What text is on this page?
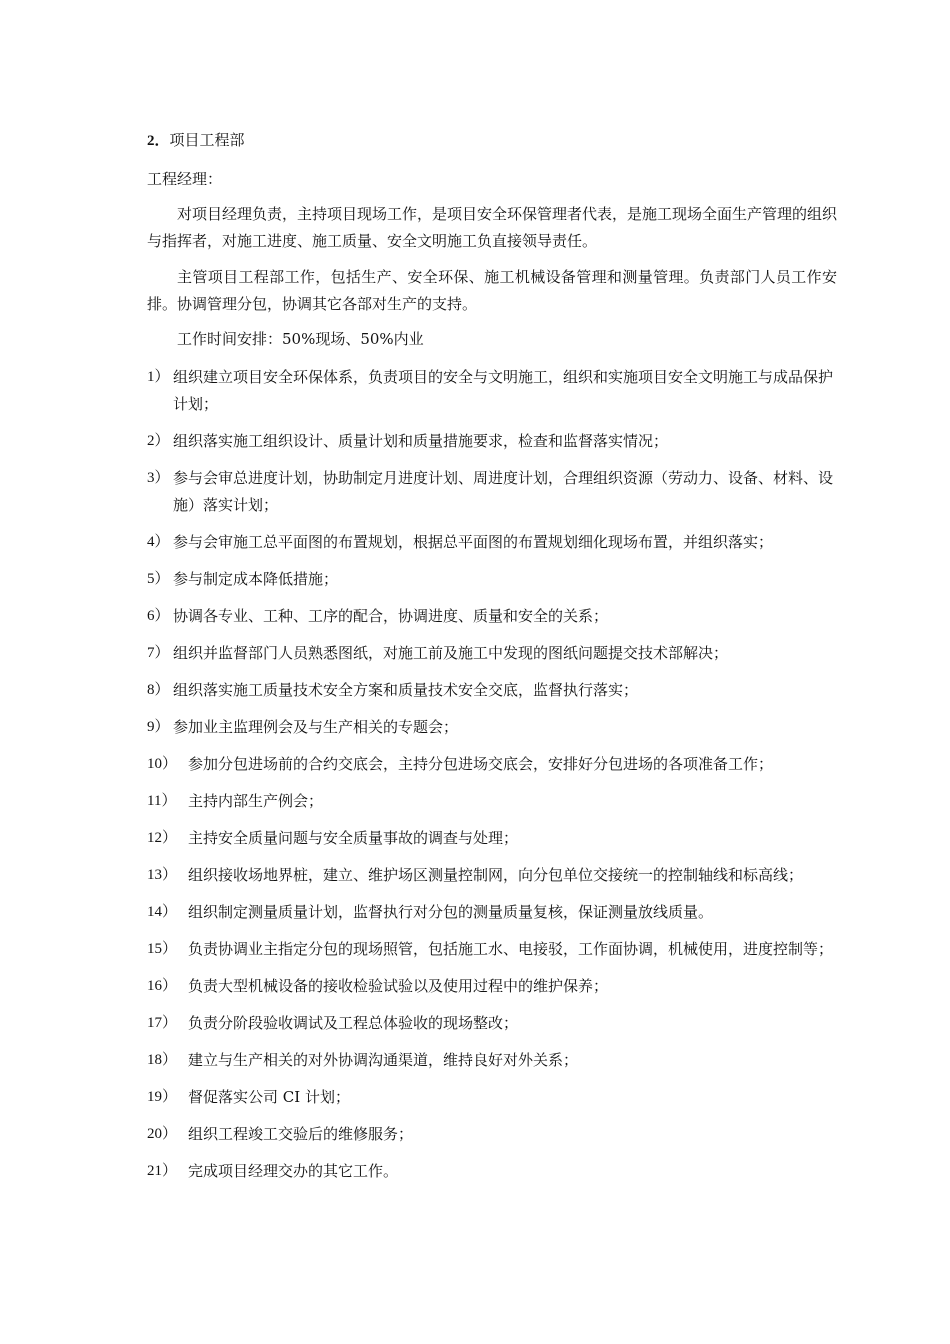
2．项目工程部
工程经理：
对项目经理负责，主持项目现场工作，是项目安全环保管理者代表，是施工现场全面生产管理的组织与指挥者，对施工进度、施工质量、安全文明施工负直接领导责任。
主管项目工程部工作，包括生产、安全环保、施工机械设备管理和测量管理。负责部门人员工作安排。协调管理分包，协调其它各部对生产的支持。
工作时间安排：50%现场、50%内业
1） 组织建立项目安全环保体系，负责项目的安全与文明施工，组织和实施项目安全文明施工与成品保护计划；
2） 组织落实施工组织设计、质量计划和质量措施要求，检查和监督落实情况；
3） 参与会审总进度计划，协助制定月进度计划、周进度计划，合理组织资源（劳动力、设备、材料、设施）落实计划；
4） 参与会审施工总平面图的布置规划，根据总平面图的布置规划细化现场布置，并组织落实；
5） 参与制定成本降低措施；
6） 协调各专业、工种、工序的配合，协调进度、质量和安全的关系；
7） 组织并监督部门人员熟悉图纸，对施工前及施工中发现的图纸问题提交技术部解决；
8） 组织落实施工质量技术安全方案和质量技术安全交底，监督执行落实；
9） 参加业主监理例会及与生产相关的专题会；
10） 参加分包进场前的合约交底会，主持分包进场交底会，安排好分包进场的各项准备工作；
11） 主持内部生产例会；
12） 主持安全质量问题与安全质量事故的调查与处理；
13） 组织接收场地界桩，建立、维护场区测量控制网，向分包单位交接统一的控制轴线和标高线；
14） 组织制定测量质量计划，监督执行对分包的测量质量复核，保证测量放线质量。
15） 负责协调业主指定分包的现场照管，包括施工水、电接驳，工作面协调，机械使用，进度控制等；
16） 负责大型机械设备的接收检验试验以及使用过程中的维护保养；
17） 负责分阶段验收调试及工程总体验收的现场整改；
18） 建立与生产相关的对外协调沟通渠道，维持良好对外关系；
19） 督促落实公司 CI 计划；
20） 组织工程竣工交验后的维修服务；
21） 完成项目经理交办的其它工作。
